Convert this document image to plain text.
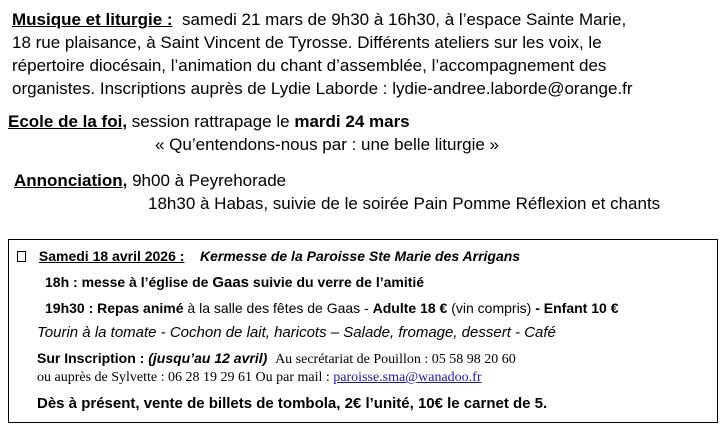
Musique et liturgie : samedi 21 mars de 9h30 à 16h30, à l’espace Sainte Marie,
18 rue plaisance, à Saint Vincent de Tyrosse. Différents ateliers sur les voix, le
répertoire diocésain, l’animation du chant d’assemblée, l’accompagnement des
organistes. Inscriptions auprès de Lydie Laborde : lydie-andree.laborde@orange.fr
Ecole de la foi, session rattrapage le mardi 24 mars
« Qu’entendons-nous par : une belle liturgie »
Annonciation, 9h00 à Peyrehorade
18h30 à Habas, suivie de le soirée Pain Pomme Réflexion et chants
Samedi 18 avril 2026 : Kermesse de la Paroisse Ste Marie des Arrigans
18h : messe à l’église de Gaas suivie du verre de l’amitié
19h30 : Repas animé à la salle des fêtes de Gaas - Adulte 18 € (vin compris) - Enfant 10 €
Tourin à la tomate - Cochon de lait, haricots – Salade, fromage, dessert - Café
Sur Inscription : (jusqu’au 12 avril) Au secrétariat de Pouillon : 05 58 98 20 60
ou auprès de Sylvette : 06 28 19 29 61 Ou par mail : paroisse.sma@wanadoo.fr
Dès à présent, vente de billets de tombola, 2€ l’unité, 10€ le carnet de 5.
